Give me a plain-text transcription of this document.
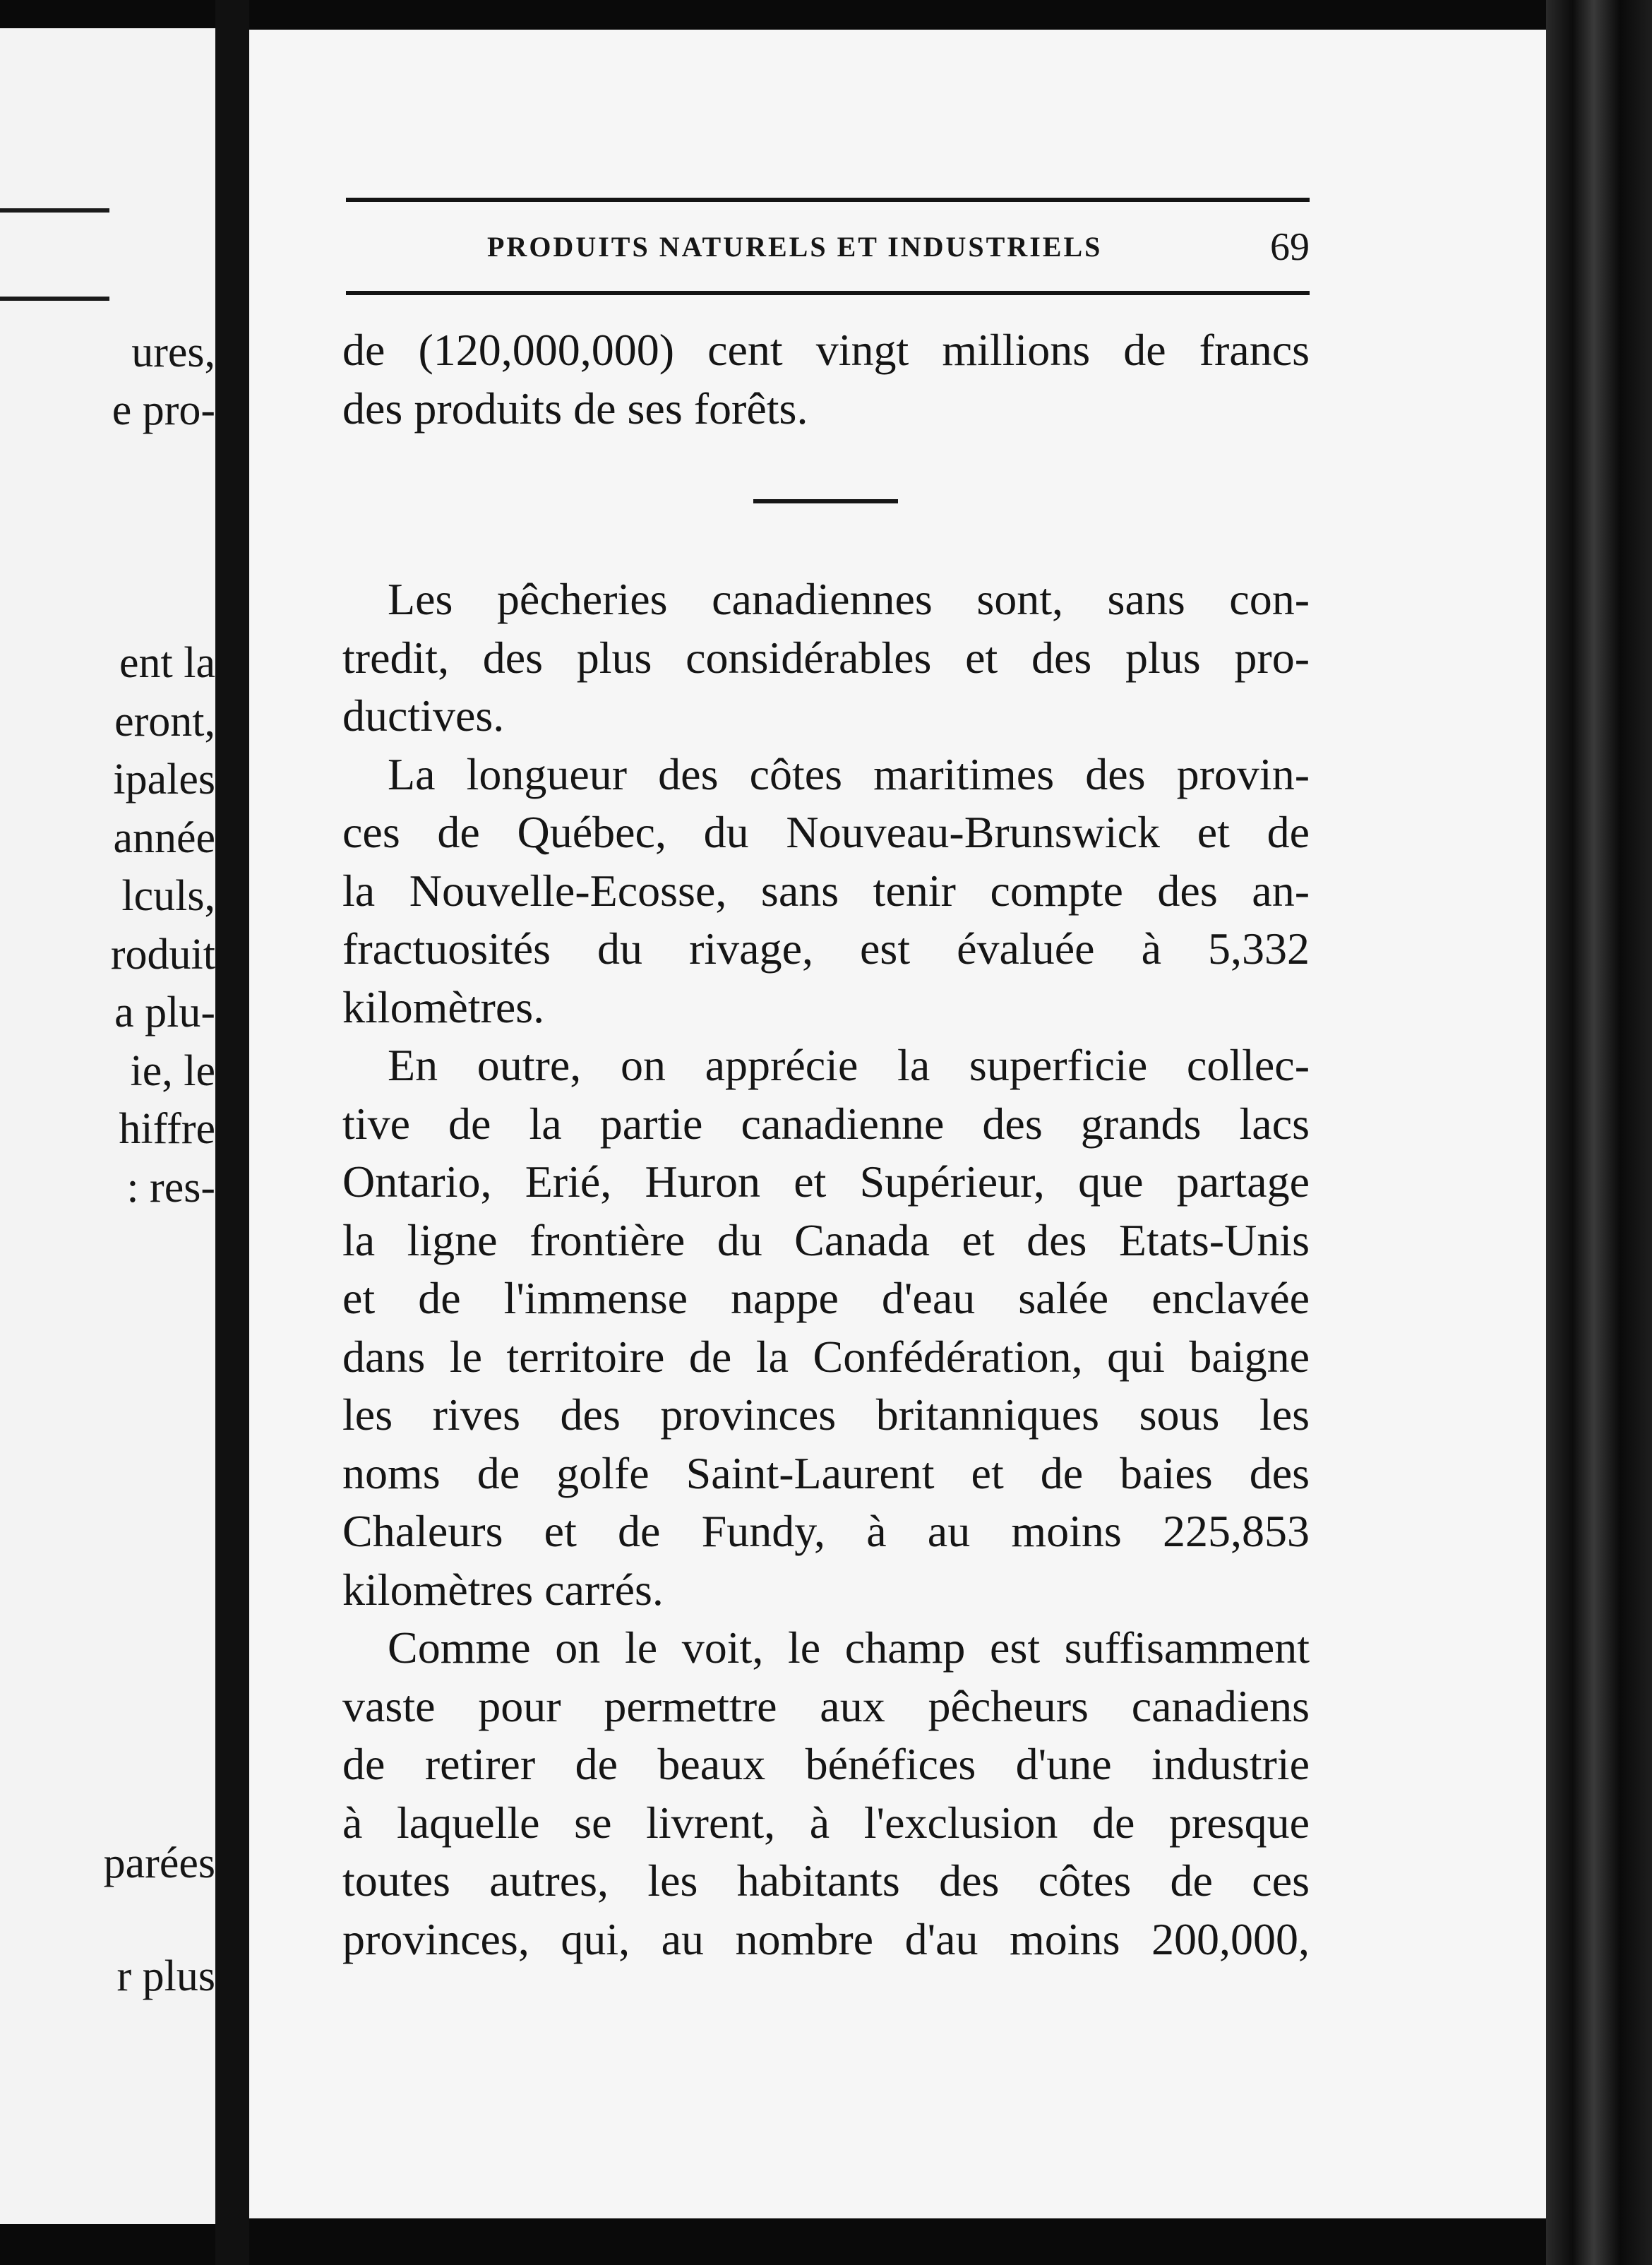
ures,
e pro-
ent la
eront,
ipales
année
lculs,
roduit
a plu-
ie, le
hiffre
: res-
parées
r plus
PRODUITS NATURELS ET INDUSTRIELS	69
de (120,000,000) cent vingt millions de francs
des produits de ses forêts.
Les pêcheries canadiennes sont, sans con-
tredit, des plus considérables et des plus pro-
ductives.
La longueur des côtes maritimes des provin-
ces de Québec, du Nouveau-Brunswick et de
la Nouvelle-Ecosse, sans tenir compte des an-
fractuosités du rivage, est évaluée à 5,332
kilomètres.
En outre, on apprécie la superficie collec-
tive de la partie canadienne des grands lacs
Ontario, Erié, Huron et Supérieur, que partage
la ligne frontière du Canada et des Etats-Unis
et de l'immense nappe d'eau salée enclavée
dans le territoire de la Confédération, qui baigne
les rives des provinces britanniques sous les
noms de golfe Saint-Laurent et de baies des
Chaleurs et de Fundy, à au moins 225,853
kilomètres carrés.
Comme on le voit, le champ est suffisamment
vaste pour permettre aux pêcheurs canadiens
de retirer de beaux bénéfices d'une industrie
à laquelle se livrent, à l'exclusion de presque
toutes autres, les habitants des côtes de ces
provinces, qui, au nombre d'au moins 200,000,
